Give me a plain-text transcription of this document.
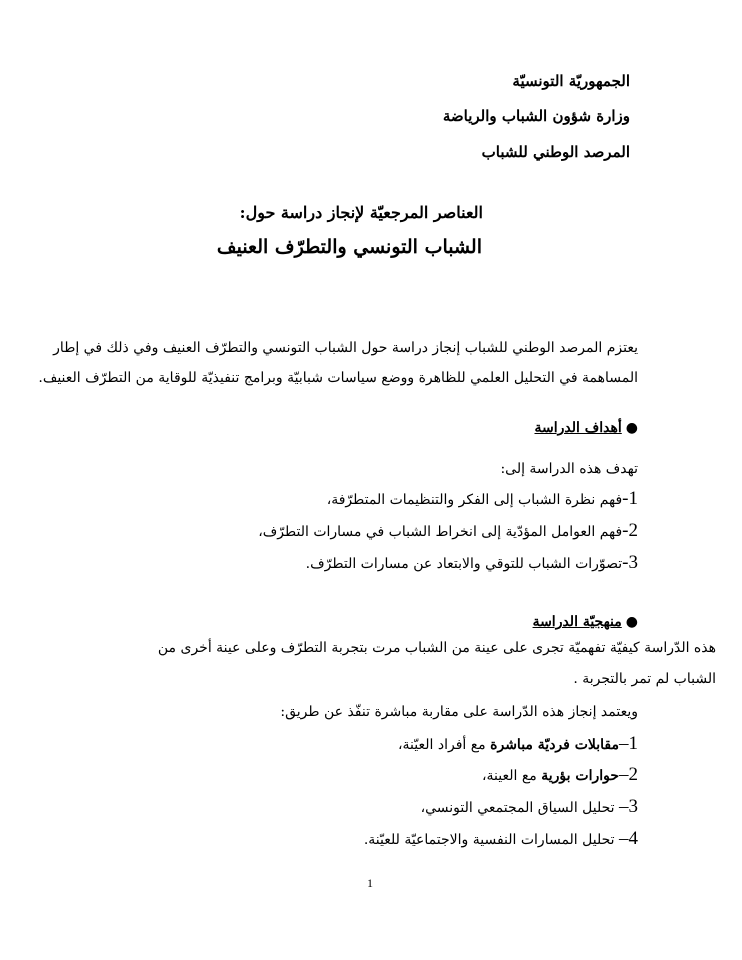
الجمهوريّة التونسيّة
وزارة شؤون الشباب والرياضة
المرصد الوطني للشباب
العناصر المرجعيّة لإنجاز دراسة حول:
الشباب التونسي والتطرّف العنيف
يعتزم المرصد الوطني للشباب إنجاز دراسة حول الشباب التونسي والتطرّف العنيف وفي ذلك في إطار
المساهمة في التحليل العلمي للظاهرة ووضع سياسات شبابيّة وبرامج تنفيذيّة للوقاية من التطرّف العنيف.
●أهداف الدراسة
تهدف هذه الدراسة إلى:
1-فهم نظرة الشباب إلى الفكر والتنظيمات المتطرّفة،
2-فهم العوامل المؤدّية إلى انخراط الشباب في مسارات التطرّف،
3-تصوّرات الشباب للتوقي والابتعاد عن مسارات التطرّف.
●منهجيّة الدراسة
هذه الدّراسة كيفيّة تفهميّة تجرى على عينة من الشباب مرت بتجربة التطرّف وعلى عينة أخرى من
الشباب لم تمر بالتجربة .
ويعتمد إنجاز هذه الدّراسة على مقاربة مباشرة تنفّذ عن طريق:
1–مقابلات فرديّة مباشرة مع أفراد العيّنة،
2–حوارات بؤرية مع العينة،
3– تحليل السياق المجتمعي التونسي،
4– تحليل المسارات النفسية والاجتماعيّة للعيّنة.
1
